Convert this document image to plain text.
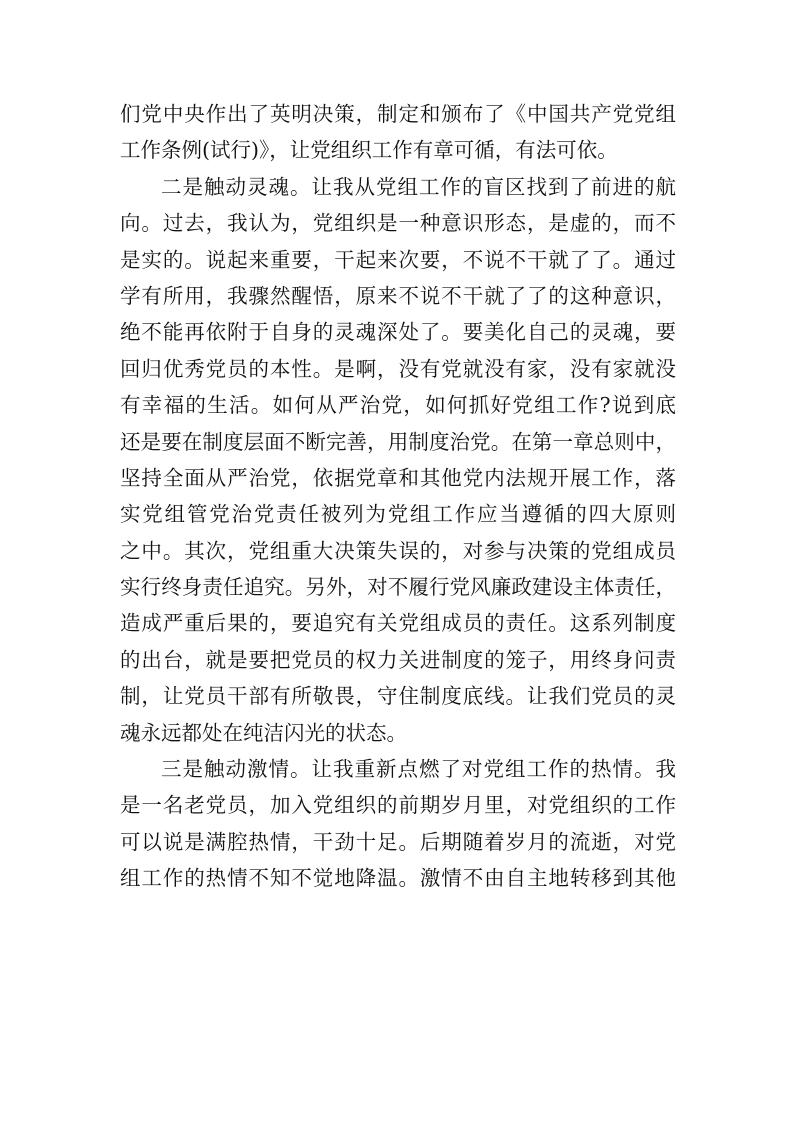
们党中央作出了英明决策，制定和颁布了《中国共产党党组
工作条例(试行)》，让党组织工作有章可循，有法可依。
二是触动灵魂。让我从党组工作的盲区找到了前进的航
向。过去，我认为，党组织是一种意识形态，是虚的，而不
是实的。说起来重要，干起来次要，不说不干就了了。通过
学有所用，我骤然醒悟，原来不说不干就了了的这种意识，
绝不能再依附于自身的灵魂深处了。要美化自己的灵魂，要
回归优秀党员的本性。是啊，没有党就没有家，没有家就没
有幸福的生活。如何从严治党，如何抓好党组工作?说到底
还是要在制度层面不断完善，用制度治党。在第一章总则中，
坚持全面从严治党，依据党章和其他党内法规开展工作，落
实党组管党治党责任被列为党组工作应当遵循的四大原则
之中。其次，党组重大决策失误的，对参与决策的党组成员
实行终身责任追究。另外，对不履行党风廉政建设主体责任，
造成严重后果的，要追究有关党组成员的责任。这系列制度
的出台，就是要把党员的权力关进制度的笼子，用终身问责
制，让党员干部有所敬畏，守住制度底线。让我们党员的灵
魂永远都处在纯洁闪光的状态。
三是触动激情。让我重新点燃了对党组工作的热情。我
是一名老党员，加入党组织的前期岁月里，对党组织的工作
可以说是满腔热情，干劲十足。后期随着岁月的流逝，对党
组工作的热情不知不觉地降温。激情不由自主地转移到其他
